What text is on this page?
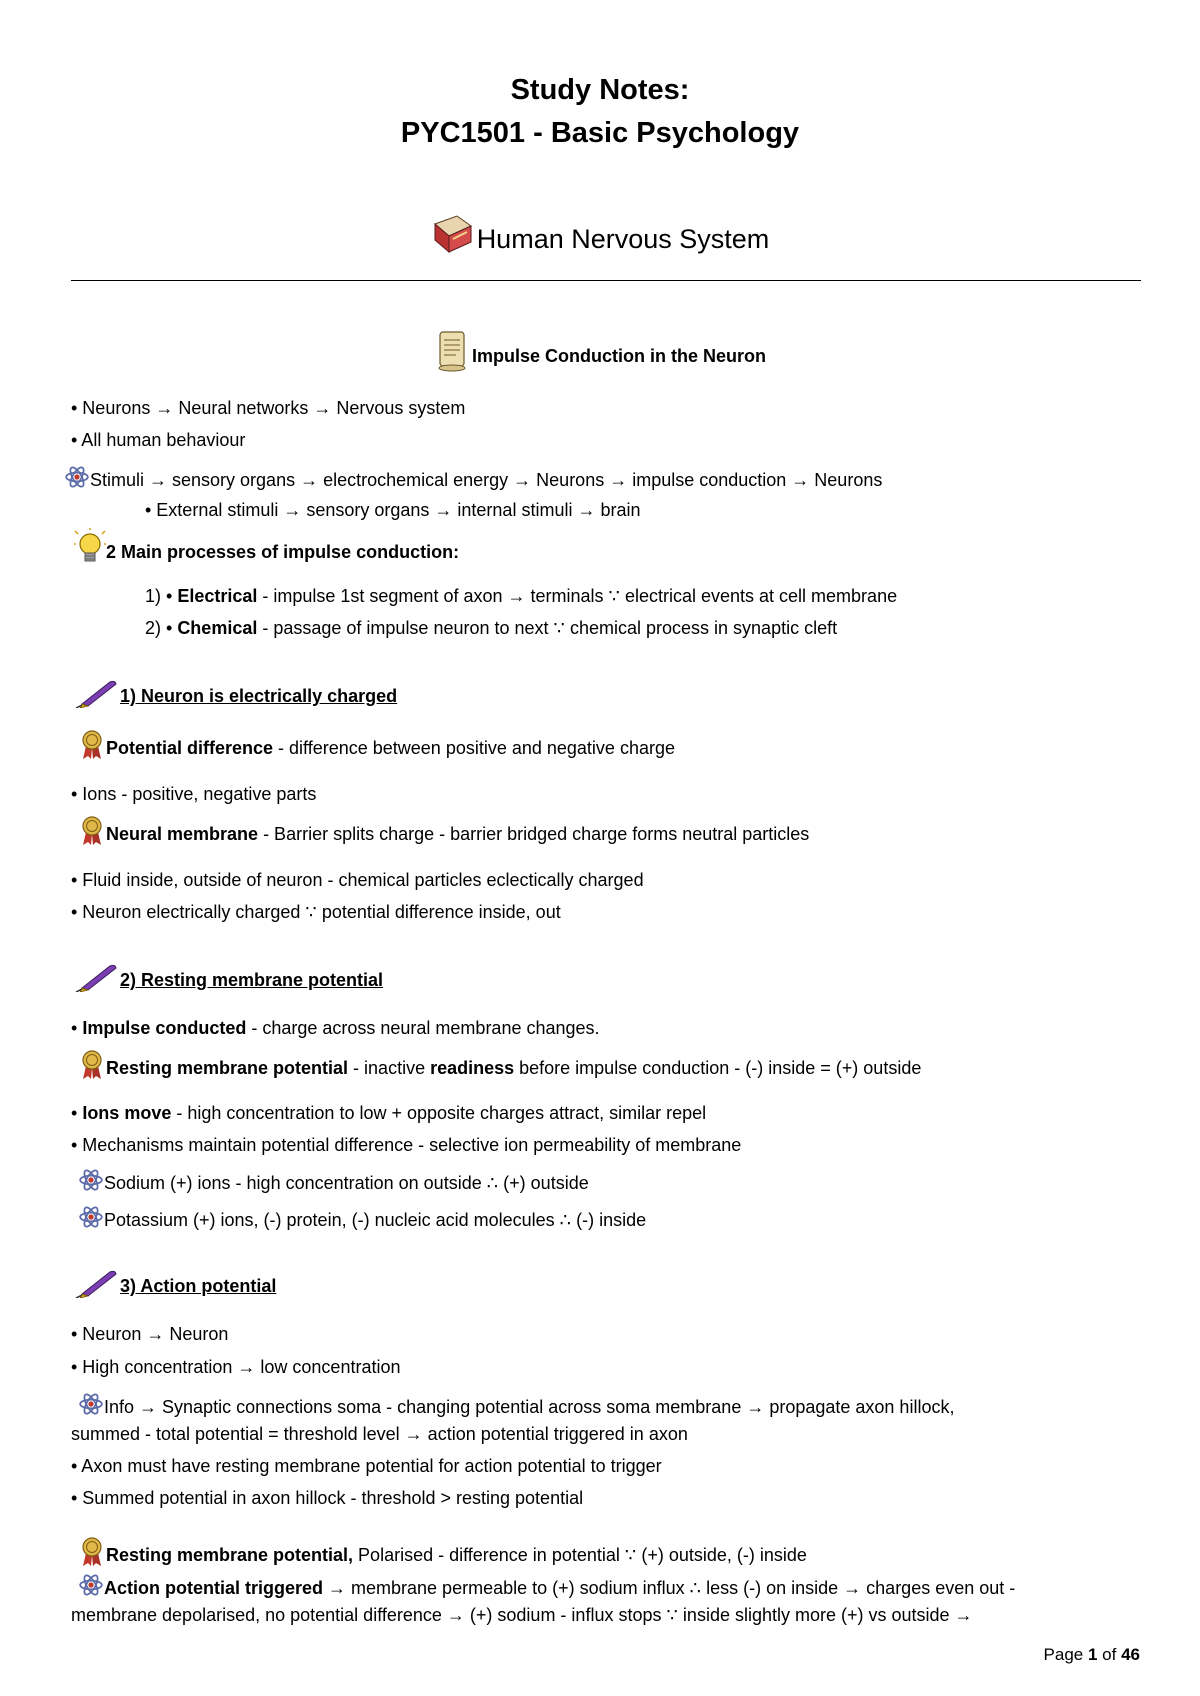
Study Notes:
PYC1501 - Basic Psychology
Human Nervous System
Impulse Conduction in the Neuron
• Neurons → Neural networks → Nervous system
• All human behaviour
Stimuli → sensory organs → electrochemical energy → Neurons → impulse conduction → Neurons
• External stimuli → sensory organs → internal stimuli → brain
2 Main processes of impulse conduction:
1) • Electrical - impulse 1st segment of axon → terminals ∵ electrical events at cell membrane
2) • Chemical - passage of impulse neuron to next ∵ chemical process in synaptic cleft
1) Neuron is electrically charged
Potential difference - difference between positive and negative charge
• Ions - positive, negative parts
Neural membrane - Barrier splits charge - barrier bridged charge forms neutral particles
• Fluid inside, outside of neuron - chemical particles eclectically charged
• Neuron electrically charged ∵ potential difference inside, out
2) Resting membrane potential
• Impulse conducted - charge across neural membrane changes.
Resting membrane potential - inactive readiness before impulse conduction - (-) inside = (+) outside
• Ions move - high concentration to low + opposite charges attract, similar repel
• Mechanisms maintain potential difference - selective ion permeability of membrane
Sodium (+) ions - high concentration on outside ∴ (+) outside
Potassium (+) ions, (-) protein, (-) nucleic acid molecules ∴ (-) inside
3) Action potential
• Neuron → Neuron
• High concentration → low concentration
Info → Synaptic connections soma - changing potential across soma membrane → propagate axon hillock,
summed - total potential = threshold level → action potential triggered in axon
• Axon must have resting membrane potential for action potential to trigger
• Summed potential in axon hillock - threshold > resting potential
Resting membrane potential, Polarised - difference in potential ∵ (+) outside, (-) inside
Action potential triggered → membrane permeable to (+) sodium influx ∴ less (-) on inside → charges even out -
membrane depolarised, no potential difference → (+) sodium - influx stops ∵ inside slightly more (+) vs outside →
Page 1 of 46
